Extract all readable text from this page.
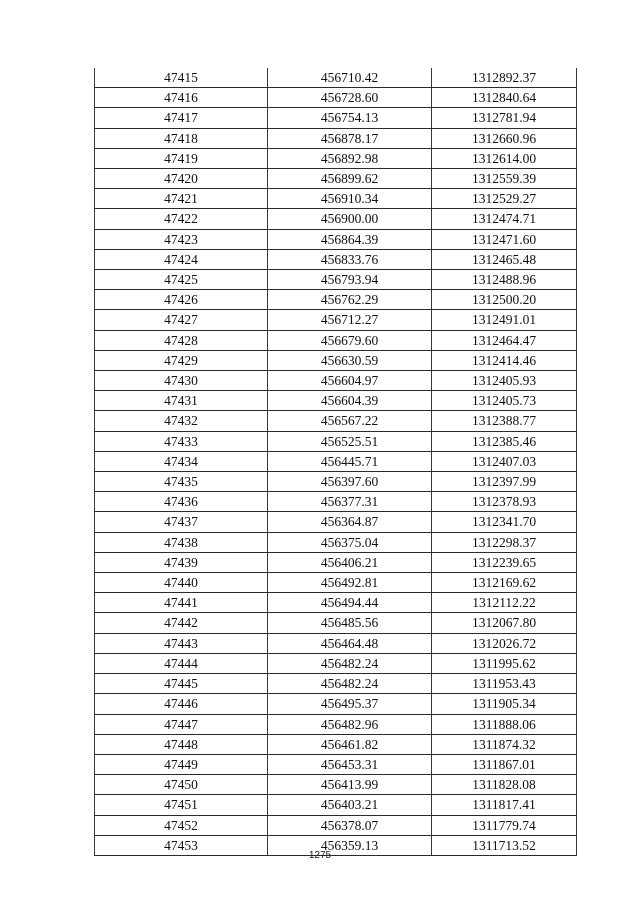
47415	456710.42	1312892.37
47416	456728.60	1312840.64
47417	456754.13	1312781.94
47418	456878.17	1312660.96
47419	456892.98	1312614.00
47420	456899.62	1312559.39
47421	456910.34	1312529.27
47422	456900.00	1312474.71
47423	456864.39	1312471.60
47424	456833.76	1312465.48
47425	456793.94	1312488.96
47426	456762.29	1312500.20
47427	456712.27	1312491.01
47428	456679.60	1312464.47
47429	456630.59	1312414.46
47430	456604.97	1312405.93
47431	456604.39	1312405.73
47432	456567.22	1312388.77
47433	456525.51	1312385.46
47434	456445.71	1312407.03
47435	456397.60	1312397.99
47436	456377.31	1312378.93
47437	456364.87	1312341.70
47438	456375.04	1312298.37
47439	456406.21	1312239.65
47440	456492.81	1312169.62
47441	456494.44	1312112.22
47442	456485.56	1312067.80
47443	456464.48	1312026.72
47444	456482.24	1311995.62
47445	456482.24	1311953.43
47446	456495.37	1311905.34
47447	456482.96	1311888.06
47448	456461.82	1311874.32
47449	456453.31	1311867.01
47450	456413.99	1311828.08
47451	456403.21	1311817.41
47452	456378.07	1311779.74
47453	456359.13	1311713.52
1275
